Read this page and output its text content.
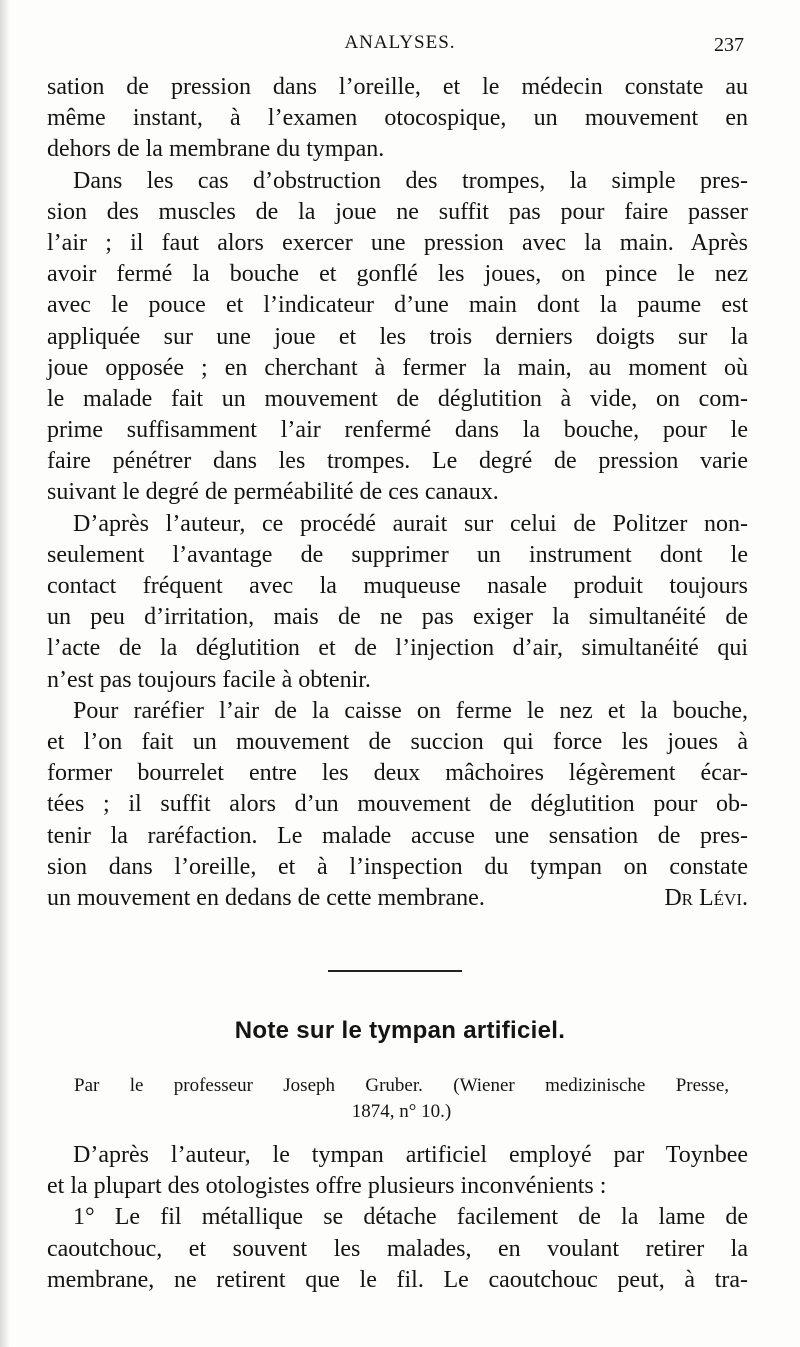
ANALYSES.	237
sation de pression dans l’oreille, et le médecin constate au
même instant, à l’examen otocospique, un mouvement en
dehors de la membrane du tympan.
Dans les cas d’obstruction des trompes, la simple pres-
sion des muscles de la joue ne suffit pas pour faire passer
l’air ; il faut alors exercer une pression avec la main. Après
avoir fermé la bouche et gonflé les joues, on pince le nez
avec le pouce et l’indicateur d’une main dont la paume est
appliquée sur une joue et les trois derniers doigts sur la
joue opposée ; en cherchant à fermer la main, au moment où
le malade fait un mouvement de déglutition à vide, on com-
prime suffisamment l’air renfermé dans la bouche, pour le
faire pénétrer dans les trompes. Le degré de pression varie
suivant le degré de perméabilité de ces canaux.
D’après l’auteur, ce procédé aurait sur celui de Politzer non-
seulement l’avantage de supprimer un instrument dont le
contact fréquent avec la muqueuse nasale produit toujours
un peu d’irritation, mais de ne pas exiger la simultanéité de
l’acte de la déglutition et de l’injection d’air, simultanéité qui
n’est pas toujours facile à obtenir.
Pour raréfier l’air de la caisse on ferme le nez et la bouche,
et l’on fait un mouvement de succion qui force les joues à
former bourrelet entre les deux mâchoires légèrement écar-
tées ; il suffit alors d’un mouvement de déglutition pour ob-
tenir la raréfaction. Le malade accuse une sensation de pres-
sion dans l’oreille, et à l’inspection du tympan on constate
un mouvement en dedans de cette membrane.	Dr Lévi.
Note sur le tympan artificiel.
Par le professeur Joseph Gruber. (Wiener medizinische Presse,
1874, n° 10.)
D’après l’auteur, le tympan artificiel employé par Toynbee
et la plupart des otologistes offre plusieurs inconvénients :
1° Le fil métallique se détache facilement de la lame de
caoutchouc, et souvent les malades, en voulant retirer la
membrane, ne retirent que le fil. Le caoutchouc peut, à tra-
